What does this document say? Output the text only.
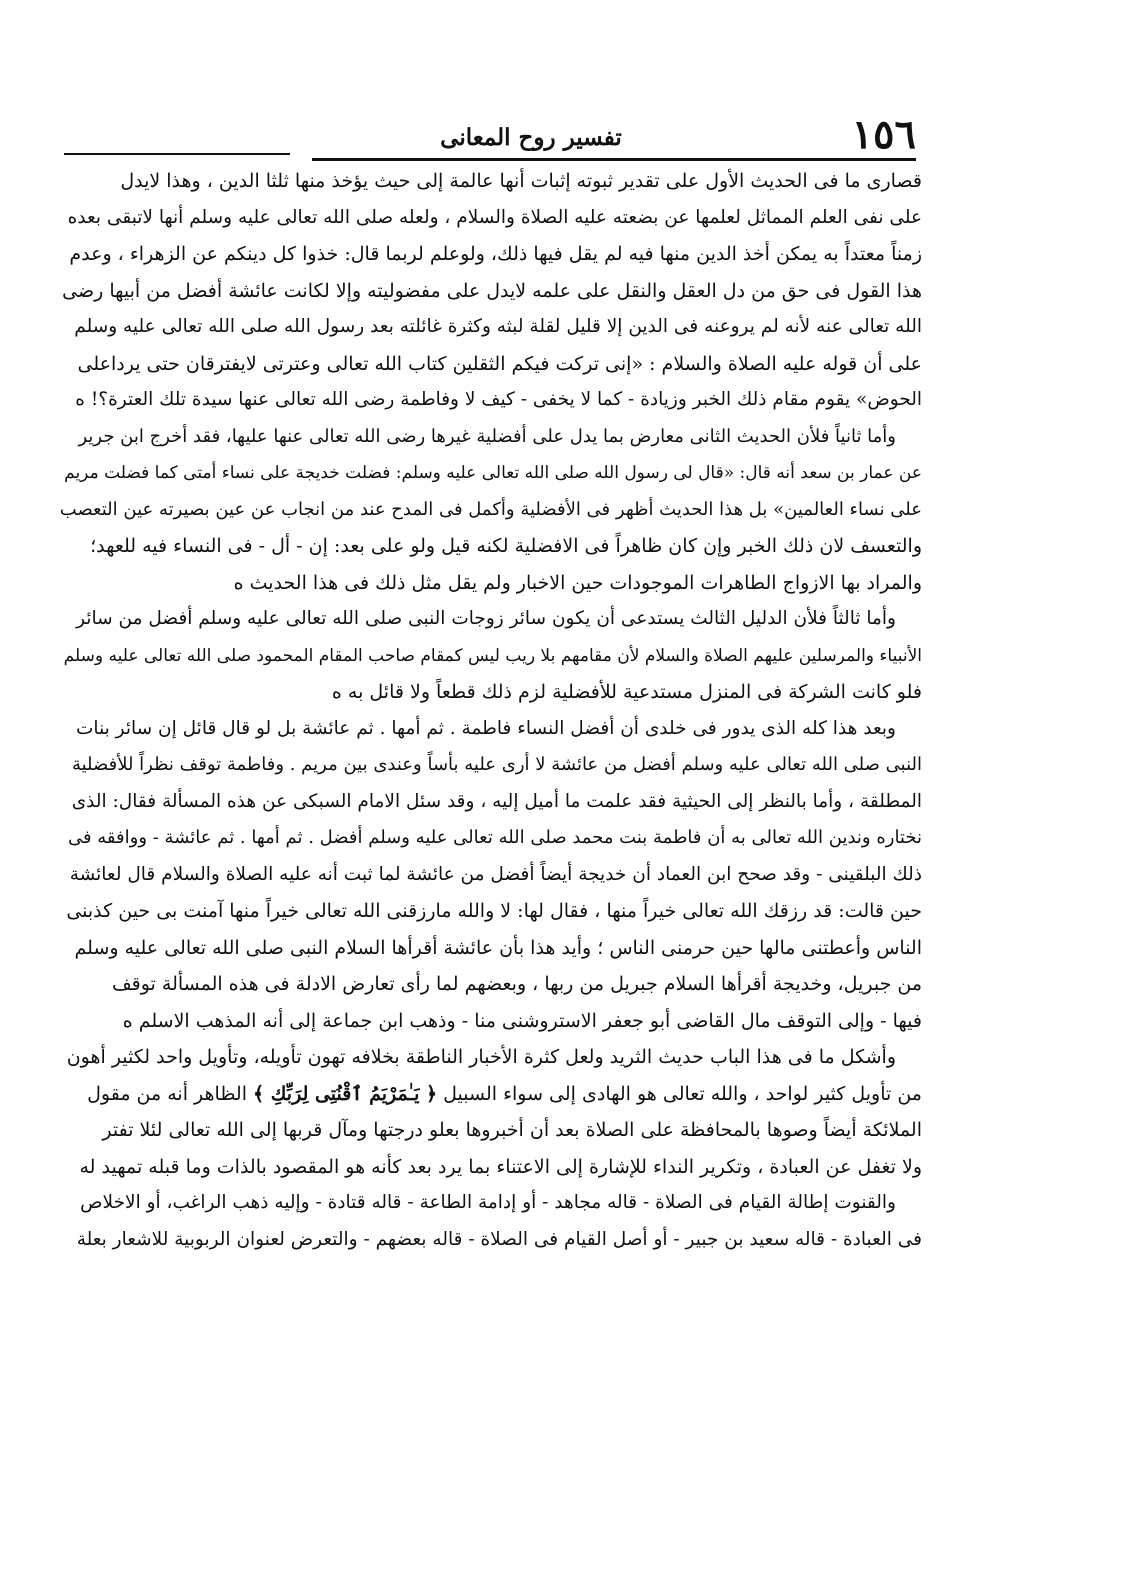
١٥٦
تفسير روح المعانى
قصارى ما فى الحديث الأول على تقدير ثبوته إثبات أنها عالمة إلى حيث يؤخذ منها ثلثا الدين ، وهذا لايدل
على نفى العلم المماثل لعلمها عن بضعته عليه الصلاة والسلام ، ولعله صلى الله تعالى عليه وسلم أنها لاتبقى بعده
زمناً معتداً به يمكن أخذ الدين منها فيه لم يقل فيها ذلك، ولوعلم لربما قال: خذوا كل دينكم عن الزهراء ، وعدم
هذا القول فى حق من دل العقل والنقل على علمه لايدل على مفضوليته وإلا لكانت عائشة أفضل من أبيها رضى
الله تعالى عنه لأنه لم يروعنه فى الدين إلا قليل لقلة لبثه وكثرة غائلته بعد رسول الله صلى الله تعالى عليه وسلم
على أن قوله عليه الصلاة والسلام : «إنى تركت فيكم الثقلين كتاب الله تعالى وعترتى لايفترقان حتى يرداعلى
الحوض» يقوم مقام ذلك الخبر وزيادة - كما لا يخفى - كيف لا وفاطمة رضى الله تعالى عنها سيدة تلك العترة؟! ه
وأما ثانياً فلأن الحديث الثانى معارض بما يدل على أفضلية غيرها رضى الله تعالى عنها عليها، فقد أخرج ابن جرير
عن عمار بن سعد أنه قال: «قال لى رسول الله صلى الله تعالى عليه وسلم: فضلت خديجة على نساء أمتى كما فضلت مريم
على نساء العالمين» بل هذا الحديث أظهر فى الأفضلية وأكمل فى المدح عند من انجاب عن عين بصيرته عين التعصب
والتعسف لان ذلك الخبر وإن كان ظاهراً فى الافضلية لكنه قيل ولو على بعد: إن - أل - فى النساء فيه للعهد؛
والمراد بها الازواج الطاهرات الموجودات حين الاخبار ولم يقل مثل ذلك فى هذا الحديث ه
وأما ثالثاً فلأن الدليل الثالث يستدعى أن يكون سائر زوجات النبى صلى الله تعالى عليه وسلم أفضل من سائر
الأنبياء والمرسلين عليهم الصلاة والسلام لأن مقامهم بلا ريب ليس كمقام صاحب المقام المحمود صلى الله تعالى عليه وسلم
فلو كانت الشركة فى المنزل مستدعية للأفضلية لزم ذلك قطعاً ولا قائل به ه
وبعد هذا كله الذى يدور فى خلدى أن أفضل النساء فاطمة . ثم أمها . ثم عائشة بل لو قال قائل إن سائر بنات
النبى صلى الله تعالى عليه وسلم أفضل من عائشة لا أرى عليه بأساً وعندى بين مريم . وفاطمة توقف نظراً للأفضلية
المطلقة ، وأما بالنظر إلى الحيثية فقد علمت ما أميل إليه ، وقد سئل الامام السبكى عن هذه المسألة فقال: الذى
نختاره وندين الله تعالى به أن فاطمة بنت محمد صلى الله تعالى عليه وسلم أفضل . ثم أمها . ثم عائشة - ووافقه فى
ذلك البلقينى - وقد صحح ابن العماد أن خديجة أيضاً أفضل من عائشة لما ثبت أنه عليه الصلاة والسلام قال لعائشة
حين قالت: قد رزقك الله تعالى خيراً منها ، فقال لها: لا والله مارزقنى الله تعالى خيراً منها آمنت بى حين كذبنى
الناس وأعطتنى مالها حين حرمنى الناس ؛ وأيد هذا بأن عائشة أقرأها السلام النبى صلى الله تعالى عليه وسلم
من جبريل، وخديجة أقرأها السلام جبريل من ربها ، وبعضهم لما رأى تعارض الادلة فى هذه المسألة توقف
فيها - وإلى التوقف مال القاضى أبو جعفر الاستروشنى منا - وذهب ابن جماعة إلى أنه المذهب الاسلم ه
وأشكل ما فى هذا الباب حديث الثريد ولعل كثرة الأخبار الناطقة بخلافه تهون تأويله، وتأويل واحد لكثير أهون
من تأويل كثير لواحد ، والله تعالى هو الهادى إلى سواء السبيل ﴿ يَـٰمَرْيَمُ ٱقْنُتِى لِرَبِّكِ ﴾ الظاهر أنه من مقول
الملائكة أيضاً وصوها بالمحافظة على الصلاة بعد أن أخبروها بعلو درجتها ومآل قربها إلى الله تعالى لئلا تفتر
ولا تغفل عن العبادة ، وتكرير النداء للإشارة إلى الاعتناء بما يرد بعد كأنه هو المقصود بالذات وما قبله تمهيد له
والقنوت إطالة القيام فى الصلاة - قاله مجاهد - أو إدامة الطاعة - قاله قتادة - وإليه ذهب الراغب، أو الاخلاص
فى العبادة - قاله سعيد بن جبير - أو أصل القيام فى الصلاة - قاله بعضهم - والتعرض لعنوان الربوبية للاشعار بعلة
